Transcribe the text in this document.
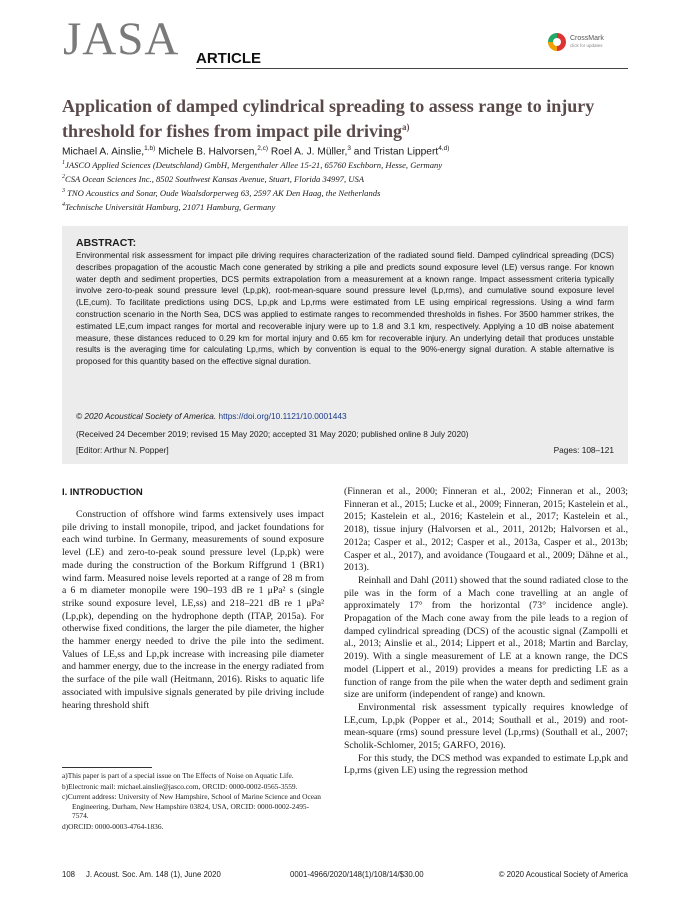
JASA ARTICLE
CrossMark
click for updates
Application of damped cylindrical spreading to assess range to injury threshold for fishes from impact pile driving$^{a)}$
Michael A. Ainslie,$^{1,b)}$ Michele B. Halvorsen,$^{2,c)}$ Roel A. J. Müller,$^3$ and Tristan Lippert$^{4,d)}$
$^1$JASCO Applied Sciences (Deutschland) GmbH, Mergenthaler Allee 15-21, 65760 Eschborn, Hesse, Germany
$^2$CSA Ocean Sciences Inc., 8502 Southwest Kansas Avenue, Stuart, Florida 34997, USA
$^3$ TNO Acoustics and Sonar, Oude Waalsdorperweg 63, 2597 AK Den Haag, the Netherlands
$^4$Technische Universität Hamburg, 21071 Hamburg, Germany
ABSTRACT:
Environmental risk assessment for impact pile driving requires characterization of the radiated sound field. Damped cylindrical spreading (DCS) describes propagation of the acoustic Mach cone generated by striking a pile and predicts sound exposure level (LE) versus range. For known water depth and sediment properties, DCS permits extrapolation from a measurement at a known range. Impact assessment criteria typically involve zero-to-peak sound pressure level (Lp,pk), root-mean-square sound pressure level (Lp,rms), and cumulative sound exposure level (LE,cum). To facilitate predictions using DCS, Lp,pk and Lp,rms were estimated from LE using empirical regressions. Using a wind farm construction scenario in the North Sea, DCS was applied to estimate ranges to recommended thresholds in fishes. For 3500 hammer strikes, the estimated LE,cum impact ranges for mortal and recoverable injury were up to 1.8 and 3.1 km, respectively. Applying a 10 dB noise abatement measure, these distances reduced to 0.29 km for mortal injury and 0.65 km for recoverable injury. An underlying detail that produces unstable results is the averaging time for calculating Lp,rms, which by convention is equal to the 90%-energy signal duration. A stable alternative is proposed for this quantity based on the effective signal duration.
© 2020 Acoustical Society of America. https://doi.org/10.1121/10.0001443
(Received 24 December 2019; revised 15 May 2020; accepted 31 May 2020; published online 8 July 2020)
[Editor: Arthur N. Popper]	Pages: 108–121
I. INTRODUCTION

Construction of offshore wind farms extensively uses impact pile driving to install monopile, tripod, and jacket foundations for each wind turbine. In Germany, measurements of sound exposure level (LE) and zero-to-peak sound pressure level (Lp,pk) were made during the construction of the Borkum Riffgrund 1 (BR1) wind farm. Measured noise levels reported at a range of 28 m from a 6 m diameter monopile were 190–193 dB re 1 μPa² s (single strike sound exposure level, LE,ss) and 218–221 dB re 1 μPa² (Lp,pk), depending on the hydrophone depth (ITAP, 2015a). For otherwise fixed conditions, the larger the pile diameter, the higher the hammer energy needed to drive the pile into the sediment. Values of LE,ss and Lp,pk increase with increasing pile diameter and hammer energy, due to the increase in the energy radiated from the surface of the pile wall (Heitmann, 2016). Risks to aquatic life associated with impulsive signals generated by pile driving include hearing threshold shift

(Finneran et al., 2000; Finneran et al., 2002; Finneran et al., 2003; Finneran et al., 2015; Lucke et al., 2009; Finneran, 2015; Kastelein et al., 2015; Kastelein et al., 2016; Kastelein et al., 2017; Kastelein et al., 2018), tissue injury (Halvorsen et al., 2011, 2012b; Halvorsen et al., 2012a; Casper et al., 2012; Casper et al., 2013a, Casper et al., 2013b; Casper et al., 2017), and avoidance (Tougaard et al., 2009; Dähne et al., 2013).

Reinhall and Dahl (2011) showed that the sound radiated close to the pile was in the form of a Mach cone travelling at an angle of approximately 17° from the horizontal (73° incidence angle). Propagation of the Mach cone away from the pile leads to a region of damped cylindrical spreading (DCS) of the acoustic signal (Zampolli et al., 2013; Ainslie et al., 2014; Lippert et al., 2018; Martin and Barclay, 2019). With a single measurement of LE at a known range, the DCS model (Lippert et al., 2019) provides a means for predicting LE as a function of range from the pile when the water depth and sediment grain size are uniform (independent of range) and known.

Environmental risk assessment typically requires knowledge of LE,cum, Lp,pk (Popper et al., 2014; Southall et al., 2019) and root-mean-square (rms) sound pressure level (Lp,rms) (Southall et al., 2007; Scholik-Schlomer, 2015; GARFO, 2016).

For this study, the DCS method was expanded to estimate Lp,pk and Lp,rms (given LE) using the regression method

a)This paper is part of a special issue on The Effects of Noise on Aquatic Life.
b)Electronic mail: michael.ainslie@jasco.com, ORCID: 0000-0002-0565-3559.
c)Current address: University of New Hampshire, School of Marine Science and Ocean Engineering, Durham, New Hampshire 03824, USA, ORCID: 0000-0002-2495-7574.
d)ORCID: 0000-0003-4764-1836.
108 J. Acoust. Soc. Am. 148 (1), June 2020	0001-4966/2020/148(1)/108/14/$30.00	© 2020 Acoustical Society of America
